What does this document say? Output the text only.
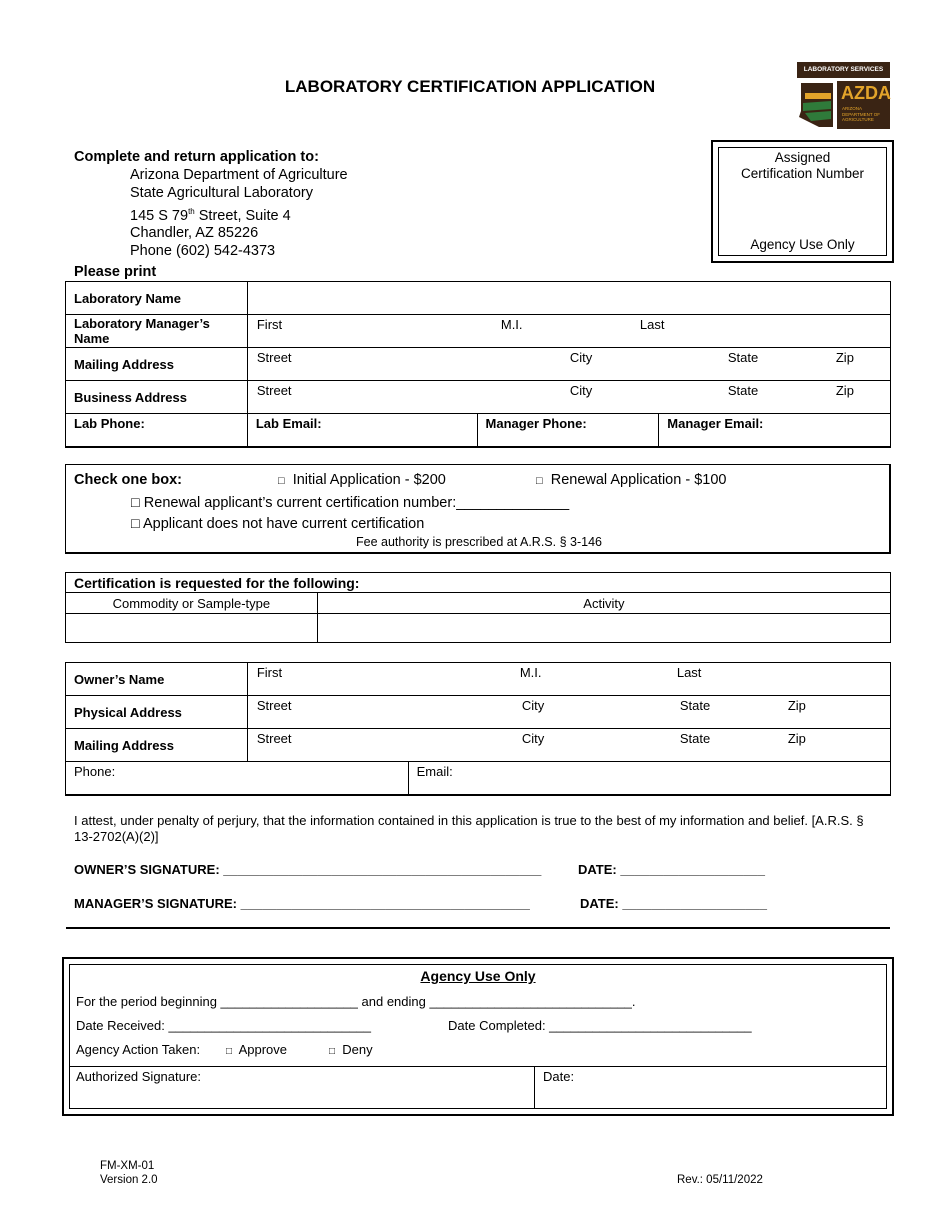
LABORATORY CERTIFICATION APPLICATION
LABORATORY SERVICES
AZDA
ARIZONA DEPARTMENT OF AGRICULTURE
Assigned
Certification Number
Agency Use Only
Complete and return application to:
Arizona Department of Agriculture
State Agricultural Laboratory
145 S 79th Street, Suite 4
Chandler, AZ 85226
Phone (602) 542-4373
Please print
Laboratory Name			
Laboratory Manager’s Name	First M.I. Last		

Mailing Address	Street City State Zip		

Business Address	Street City State Zip		

Lab Phone:	Lab Email:	Manager Phone:	Manager Email:
Check one box:	□ Initial Application - $200	□ Renewal Application - $100
□ Renewal applicant’s current certification number:______________
□ Applicant does not have current certification
Fee authority is prescribed at A.R.S. § 3-146
Certification is requested for the following:	
Commodity or Sample-type	Activity

Owner’s Name	First M.I. Last	

Physical Address	Street City State Zip	

Mailing Address	Street City State Zip	

Phone:		Email:
I attest, under penalty of perjury, that the information contained in this application is true to the best of my information and belief. [A.R.S. § 13-2702(A)(2)]
OWNER’S SIGNATURE: ____________________________________________	DATE: ____________________
MANAGER’S SIGNATURE: ________________________________________	DATE: ____________________
Agency Use Only
For the period beginning ___________________ and ending ____________________________.
Date Received: ____________________________	Date Completed: ____________________________
Agency Action Taken:	□ Approve	□ Deny
Authorized Signature:	Date:
FM-XM-01
Version 2.0	Rev.: 05/11/2022
